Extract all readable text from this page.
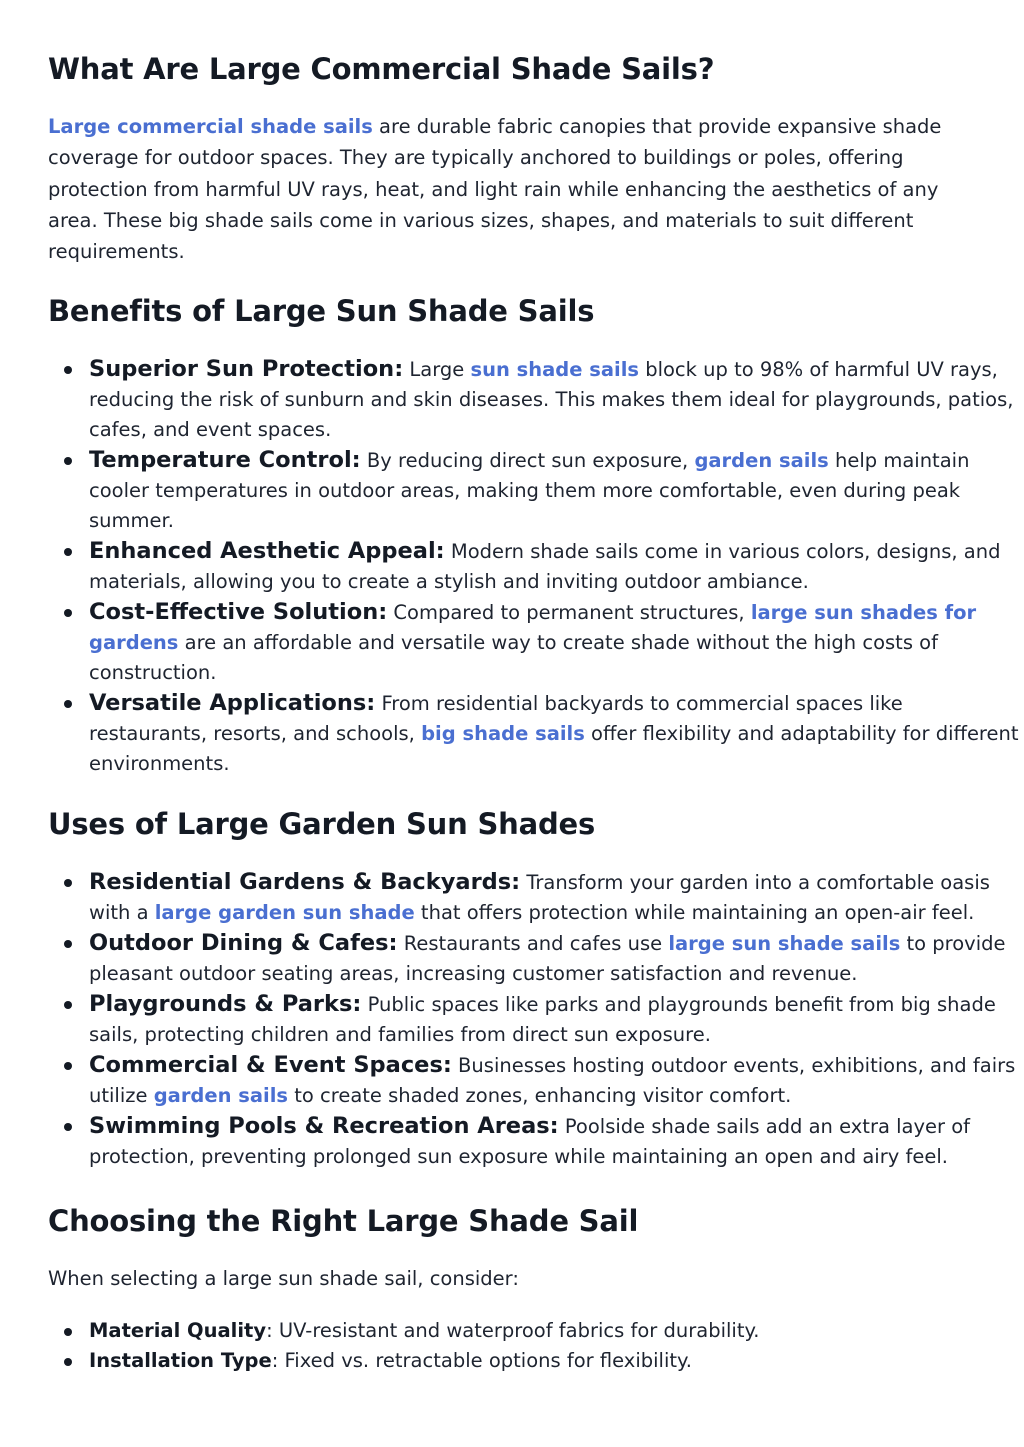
What Are Large Commercial Shade Sails?

Large commercial shade sails are durable fabric canopies that provide expansive shade coverage for outdoor spaces. They are typically anchored to buildings or poles, offering protection from harmful UV rays, heat, and light rain while enhancing the aesthetics of any area. These big shade sails come in various sizes, shapes, and materials to suit different requirements.

Benefits of Large Sun Shade Sails
Superior Sun Protection: Large sun shade sails block up to 98% of harmful UV rays, reducing the risk of sunburn and skin diseases. This makes them ideal for playgrounds, patios, cafes, and event spaces.
Temperature Control: By reducing direct sun exposure, garden sails help maintain cooler temperatures in outdoor areas, making them more comfortable, even during peak summer.
Enhanced Aesthetic Appeal: Modern shade sails come in various colors, designs, and materials, allowing you to create a stylish and inviting outdoor ambiance.
Cost-Effective Solution: Compared to permanent structures, large sun shades for gardens are an affordable and versatile way to create shade without the high costs of construction.
Versatile Applications: From residential backyards to commercial spaces like restaurants, resorts, and schools, big shade sails offer flexibility and adaptability for different environments.
Uses of Large Garden Sun Shades
Residential Gardens & Backyards: Transform your garden into a comfortable oasis with a large garden sun shade that offers protection while maintaining an open-air feel.
Outdoor Dining & Cafes: Restaurants and cafes use large sun shade sails to provide pleasant outdoor seating areas, increasing customer satisfaction and revenue.
Playgrounds & Parks: Public spaces like parks and playgrounds benefit from big shade sails, protecting children and families from direct sun exposure.
Commercial & Event Spaces: Businesses hosting outdoor events, exhibitions, and fairs utilize garden sails to create shaded zones, enhancing visitor comfort.
Swimming Pools & Recreation Areas: Poolside shade sails add an extra layer of protection, preventing prolonged sun exposure while maintaining an open and airy feel.
Choosing the Right Large Shade Sail

When selecting a large sun shade sail, consider:

Material Quality: UV-resistant and waterproof fabrics for durability.
Installation Type: Fixed vs. retractable options for flexibility.
